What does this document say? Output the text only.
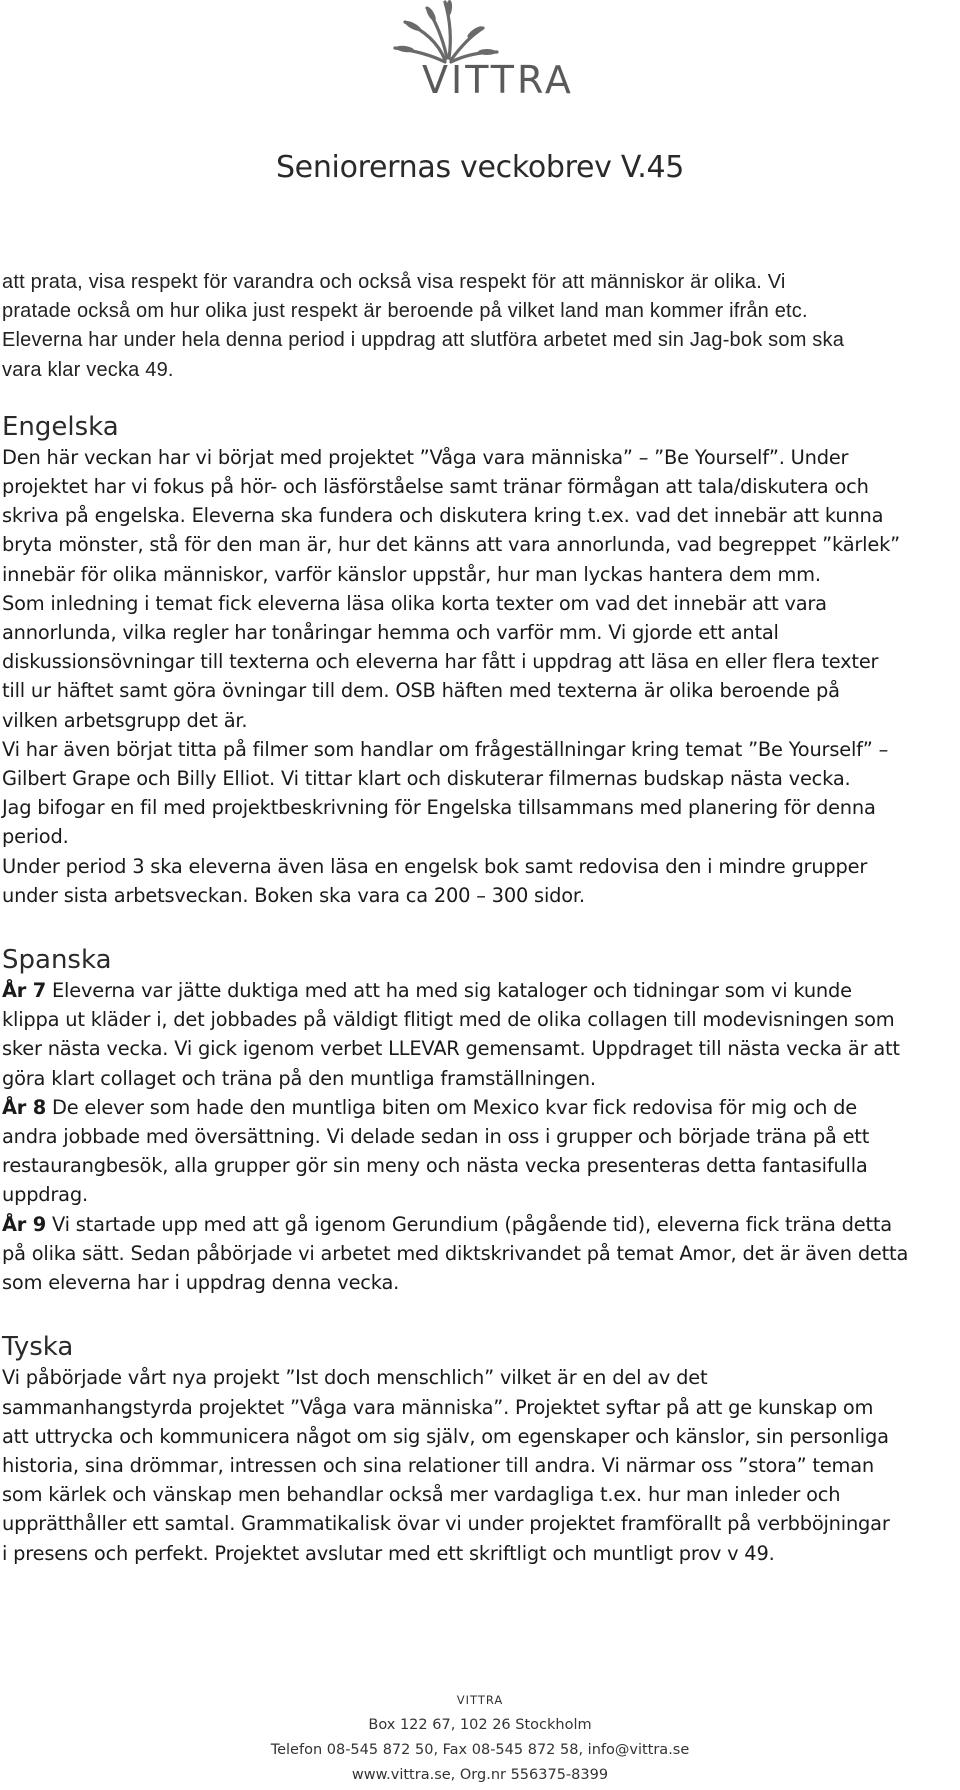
VITTRA
Seniorernas veckobrev V.45

att prata, visa respekt för varandra och också visa respekt för att människor är olika. Vi

pratade också om hur olika just respekt är beroende på vilket land man kommer ifrån etc.

Eleverna har under hela denna period i uppdrag att slutföra arbetet med sin Jag-bok som ska

vara klar vecka 49.

Engelska

Den här veckan har vi börjat med projektet ”Våga vara människa” – ”Be Yourself”. Under

projektet har vi fokus på hör- och läsförståelse samt tränar förmågan att tala/diskutera och

skriva på engelska. Eleverna ska fundera och diskutera kring t.ex. vad det innebär att kunna

bryta mönster, stå för den man är, hur det känns att vara annorlunda, vad begreppet ”kärlek”

innebär för olika människor, varför känslor uppstår, hur man lyckas hantera dem mm.

Som inledning i temat fick eleverna läsa olika korta texter om vad det innebär att vara

annorlunda, vilka regler har tonåringar hemma och varför mm. Vi gjorde ett antal

diskussionsövningar till texterna och eleverna har fått i uppdrag att läsa en eller flera texter

till ur häftet samt göra övningar till dem. OSB häften med texterna är olika beroende på

vilken arbetsgrupp det är.

Vi har även börjat titta på filmer som handlar om frågeställningar kring temat ”Be Yourself” –

Gilbert Grape och Billy Elliot. Vi tittar klart och diskuterar filmernas budskap nästa vecka.

Jag bifogar en fil med projektbeskrivning för Engelska tillsammans med planering för denna

period.

Under period 3 ska eleverna även läsa en engelsk bok samt redovisa den i mindre grupper

under sista arbetsveckan. Boken ska vara ca 200 – 300 sidor.

Spanska

År 7 Eleverna var jätte duktiga med att ha med sig kataloger och tidningar som vi kunde

klippa ut kläder i, det jobbades på väldigt flitigt med de olika collagen till modevisningen som

sker nästa vecka. Vi gick igenom verbet LLEVAR gemensamt. Uppdraget till nästa vecka är att

göra klart collaget och träna på den muntliga framställningen.

År 8 De elever som hade den muntliga biten om Mexico kvar fick redovisa för mig och de

andra jobbade med översättning. Vi delade sedan in oss i grupper och började träna på ett

restaurangbesök, alla grupper gör sin meny och nästa vecka presenteras detta fantasifulla

uppdrag.

År 9 Vi startade upp med att gå igenom Gerundium (pågående tid), eleverna fick träna detta

på olika sätt. Sedan påbörjade vi arbetet med diktskrivandet på temat Amor, det är även detta

som eleverna har i uppdrag denna vecka.

Tyska

Vi påbörjade vårt nya projekt ”Ist doch menschlich” vilket är en del av det

sammanhangstyrda projektet ”Våga vara människa”. Projektet syftar på att ge kunskap om

att uttrycka och kommunicera något om sig själv, om egenskaper och känslor, sin personliga

historia, sina drömmar, intressen och sina relationer till andra. Vi närmar oss ”stora” teman

som kärlek och vänskap men behandlar också mer vardagliga t.ex. hur man inleder och

upprätthåller ett samtal. Grammatikalisk övar vi under projektet framförallt på verbböjningar

i presens och perfekt. Projektet avslutar med ett skriftligt och muntligt prov v 49.

VITTRA
Box 122 67, 102 26 Stockholm
Telefon 08-545 872 50, Fax 08-545 872 58, info@vittra.se
www.vittra.se, Org.nr 556375-8399
